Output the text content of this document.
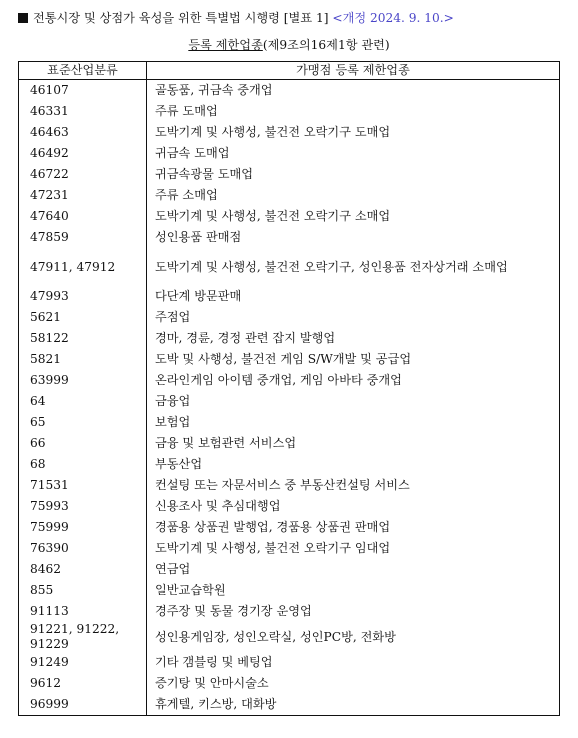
전통시장 및 상점가 육성을 위한 특별법 시행령 [별표 1] <개정 2024. 9. 10.>
등록 제한업종(제9조의16제1항 관련)
표준산업분류	가맹점 등록 제한업종
46107	골동품, 귀금속 중개업
46331	주류 도매업
46463	도박기계 및 사행성, 불건전 오락기구 도매업
46492	귀금속 도매업
46722	귀금속광물 도매업
47231	주류 소매업
47640	도박기계 및 사행성, 불건전 오락기구 소매업
47859	성인용품 판매점
47911, 47912	도박기계 및 사행성, 불건전 오락기구, 성인용품 전자상거래 소매업
47993	다단계 방문판매
5621	주점업
58122	경마, 경륜, 경정 관련 잡지 발행업
5821	도박 및 사행성, 불건전 게임 S/W개발 및 공급업
63999	온라인게임 아이템 중개업, 게임 아바타 중개업
64	금융업
65	보험업
66	금융 및 보험관련 서비스업
68	부동산업
71531	컨설팅 또는 자문서비스 중 부동산컨설팅 서비스
75993	신용조사 및 추심대행업
75999	경품용 상품권 발행업, 경품용 상품권 판매업
76390	도박기계 및 사행성, 불건전 오락기구 임대업
8462	연금업
855	일반교습학원
91113	경주장 및 동물 경기장 운영업
91221, 91222, 91229	성인용게임장, 성인오락실, 성인PC방, 전화방
91249	기타 갬블링 및 베팅업
9612	증기탕 및 안마시술소
96999	휴게텔, 키스방, 대화방
